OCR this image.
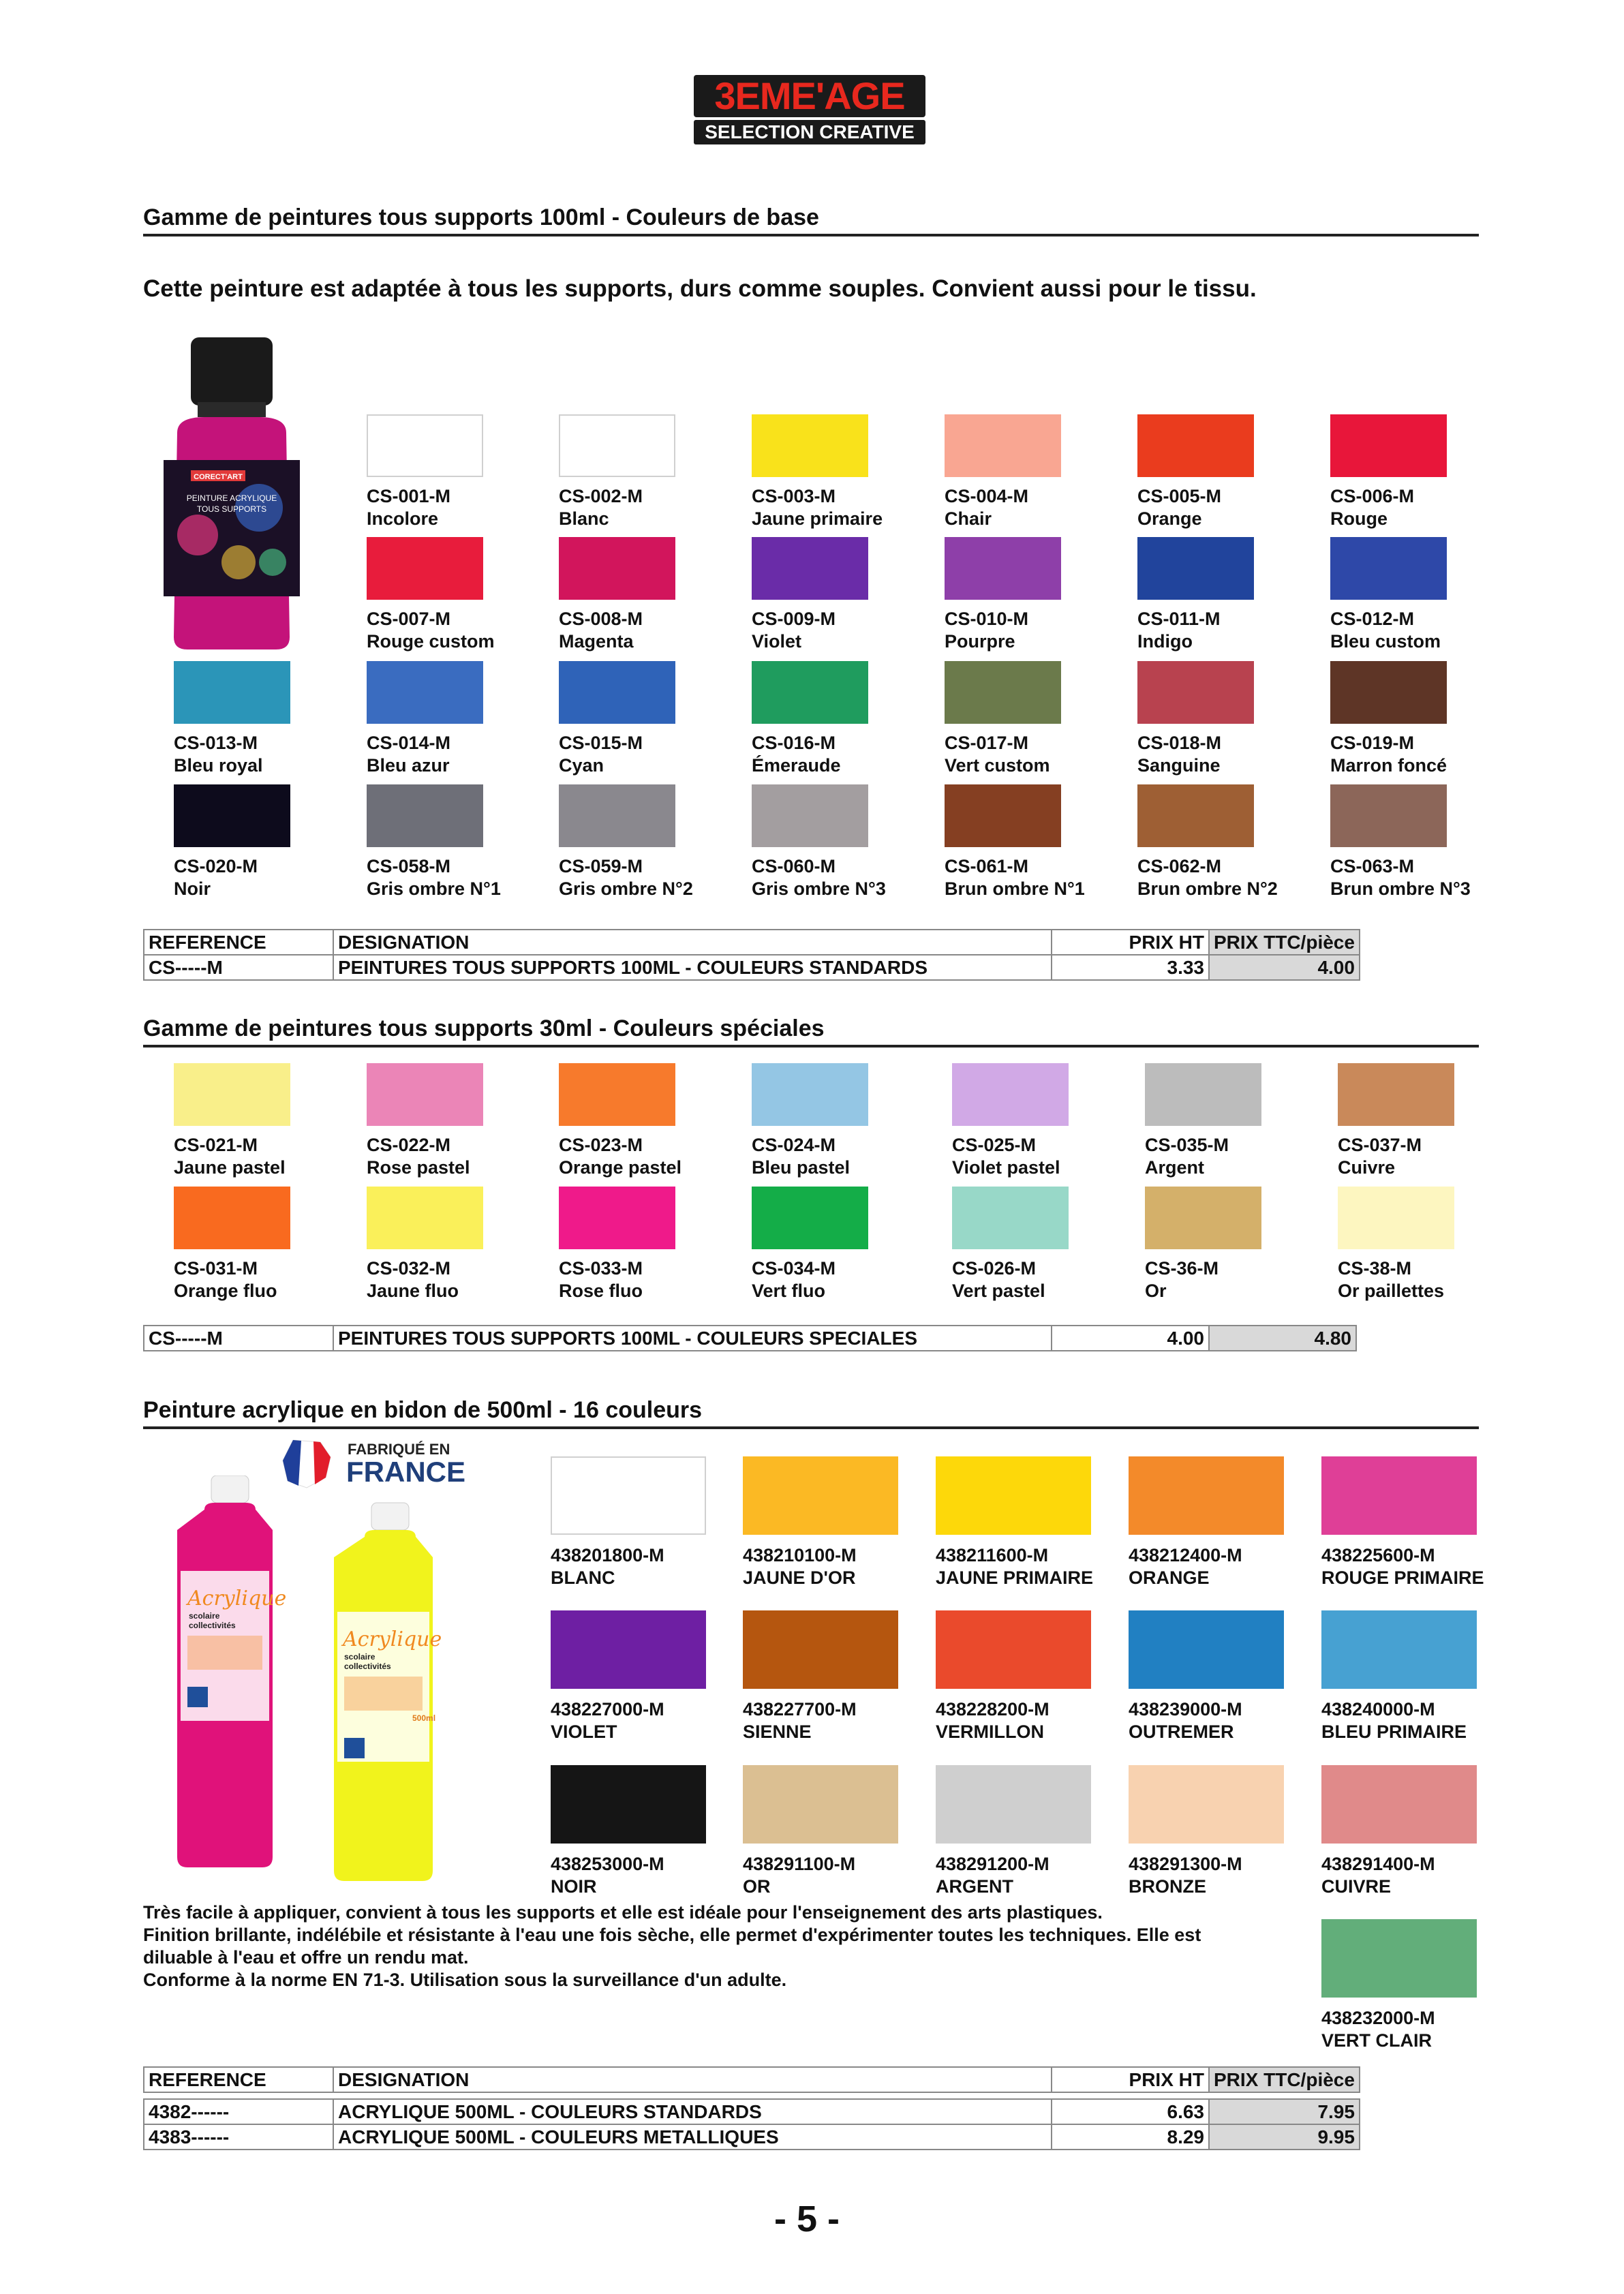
3EME'AGE
SELECTION CREATIVE
Gamme de peintures tous supports 100ml - Couleurs de base
Cette peinture est adaptée à tous les supports, durs comme souples. Convient aussi pour le tissu.
CORECT'ART
PEINTURE ACRYLIQUE
TOUS SUPPORTS
CS-001-M
Incolore
CS-002-M
Blanc
CS-003-M
Jaune primaire
CS-004-M
Chair
CS-005-M
Orange
CS-006-M
Rouge
CS-007-M
Rouge custom
CS-008-M
Magenta
CS-009-M
Violet
CS-010-M
Pourpre
CS-011-M
Indigo
CS-012-M
Bleu custom
CS-013-M
Bleu royal
CS-014-M
Bleu azur
CS-015-M
Cyan
CS-016-M
Émeraude
CS-017-M
Vert custom
CS-018-M
Sanguine
CS-019-M
Marron foncé
CS-020-M
Noir
CS-058-M
Gris ombre N°1
CS-059-M
Gris ombre N°2
CS-060-M
Gris ombre N°3
CS-061-M
Brun ombre N°1
CS-062-M
Brun ombre N°2
CS-063-M
Brun ombre N°3
REFERENCE	DESIGNATION	PRIX HT	PRIX TTC/pièce
CS-----M	PEINTURES TOUS SUPPORTS 100ML - COULEURS STANDARDS	3.33	4.00
Gamme de peintures tous supports 30ml - Couleurs spéciales
CS-021-M
Jaune pastel
CS-022-M
Rose pastel
CS-023-M
Orange pastel
CS-024-M
Bleu pastel
CS-025-M
Violet pastel
CS-035-M
Argent
CS-037-M
Cuivre
CS-031-M
Orange fluo
CS-032-M
Jaune fluo
CS-033-M
Rose fluo
CS-034-M
Vert fluo
CS-026-M
Vert pastel
CS-36-M
Or
CS-38-M
Or paillettes
CS-----M	PEINTURES TOUS SUPPORTS 100ML - COULEURS SPECIALES	4.00	4.80
Peinture acrylique en bidon de 500ml - 16 couleurs
FABRIQUÉ EN
FRANCE
Acrylique
scolaire
collectivités
Acrylique
scolaire
collectivités
500ml
438201800-M
BLANC
438210100-M
JAUNE D'OR
438211600-M
JAUNE PRIMAIRE
438212400-M
ORANGE
438225600-M
ROUGE PRIMAIRE
438227000-M
VIOLET
438227700-M
SIENNE
438228200-M
VERMILLON
438239000-M
OUTREMER
438240000-M
BLEU PRIMAIRE
438253000-M
NOIR
438291100-M
OR
438291200-M
ARGENT
438291300-M
BRONZE
438291400-M
CUIVRE
438232000-M
VERT CLAIR
Très facile à appliquer, convient à tous les supports et elle est idéale pour l'enseignement des arts plastiques.
Finition brillante, indélébile et résistante à l'eau une fois sèche, elle permet d'expérimenter toutes les techniques. Elle est
diluable à l'eau et offre un rendu mat.
Conforme à la norme EN 71-3. Utilisation sous la surveillance d'un adulte.
REFERENCE	DESIGNATION	PRIX HT	PRIX TTC/pièce

4382------	ACRYLIQUE 500ML - COULEURS STANDARDS	6.63	7.95
4383------	ACRYLIQUE 500ML - COULEURS METALLIQUES	8.29	9.95
- 5 -
